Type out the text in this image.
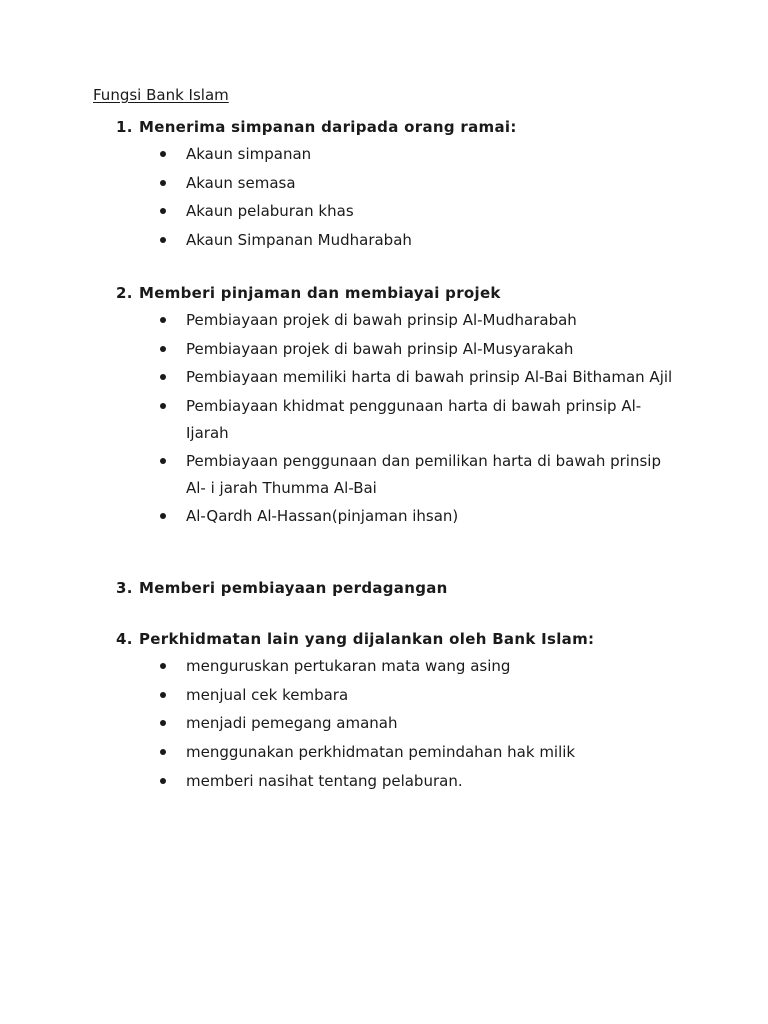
Fungsi Bank Islam
1. Menerima simpanan daripada orang ramai:
Akaun simpanan
Akaun semasa
Akaun pelaburan khas
Akaun Simpanan Mudharabah
2. Memberi pinjaman dan membiayai projek
Pembiayaan projek di bawah prinsip Al-Mudharabah
Pembiayaan projek di bawah prinsip Al-Musyarakah
Pembiayaan memiliki harta di bawah prinsip Al-Bai Bithaman Ajil
Pembiayaan khidmat penggunaan harta di bawah prinsip Al-Ijarah
Pembiayaan penggunaan dan pemilikan harta di bawah prinsip Al- i jarah Thumma Al-Bai
Al-Qardh Al-Hassan(pinjaman ihsan)
3. Memberi pembiayaan perdagangan
4. Perkhidmatan lain yang dijalankan oleh Bank Islam:
menguruskan pertukaran mata wang asing
menjual cek kembara
menjadi pemegang amanah
menggunakan perkhidmatan pemindahan hak milik
memberi nasihat tentang pelaburan.
